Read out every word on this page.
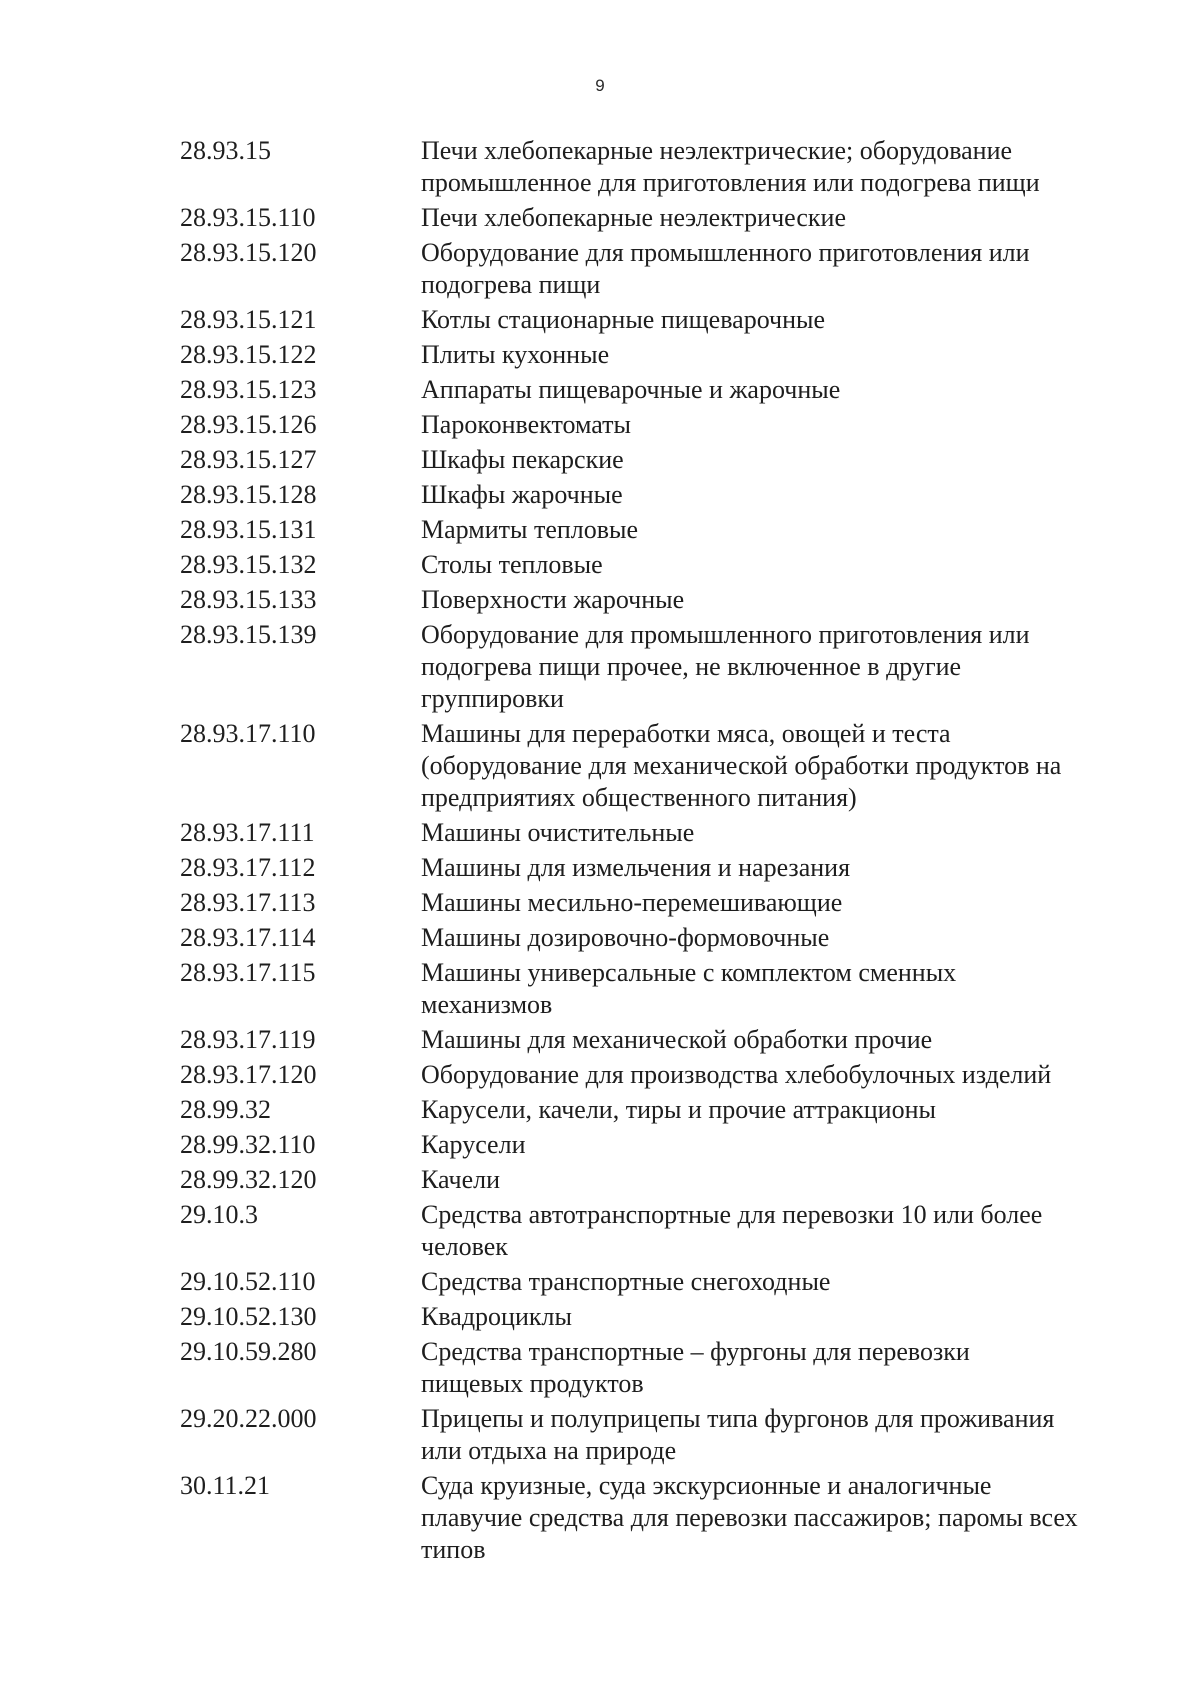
9
28.93.15	Печи хлебопекарные неэлектрические; оборудование
промышленное для приготовления или подогрева пищи
28.93.15.110	Печи хлебопекарные неэлектрические
28.93.15.120	Оборудование для промышленного приготовления или
подогрева пищи
28.93.15.121	Котлы стационарные пищеварочные
28.93.15.122	Плиты кухонные
28.93.15.123	Аппараты пищеварочные и жарочные
28.93.15.126	Пароконвектоматы
28.93.15.127	Шкафы пекарские
28.93.15.128	Шкафы жарочные
28.93.15.131	Мармиты тепловые
28.93.15.132	Столы тепловые
28.93.15.133	Поверхности жарочные
28.93.15.139	Оборудование для промышленного приготовления или
подогрева пищи прочее, не включенное в другие
группировки
28.93.17.110	Машины для переработки мяса, овощей и теста
(оборудование для механической обработки продуктов на
предприятиях общественного питания)
28.93.17.111	Машины очистительные
28.93.17.112	Машины для измельчения и нарезания
28.93.17.113	Машины месильно-перемешивающие
28.93.17.114	Машины дозировочно-формовочные
28.93.17.115	Машины универсальные с комплектом сменных
механизмов
28.93.17.119	Машины для механической обработки прочие
28.93.17.120	Оборудование для производства хлебобулочных изделий
28.99.32	Карусели, качели, тиры и прочие аттракционы
28.99.32.110	Карусели
28.99.32.120	Качели
29.10.3	Средства автотранспортные для перевозки 10 или более
человек
29.10.52.110	Средства транспортные снегоходные
29.10.52.130	Квадроциклы
29.10.59.280	Средства транспортные – фургоны для перевозки
пищевых продуктов
29.20.22.000	Прицепы и полуприцепы типа фургонов для проживания
или отдыха на природе
30.11.21	Суда круизные, суда экскурсионные и аналогичные
плавучие средства для перевозки пассажиров; паромы всех
типов
